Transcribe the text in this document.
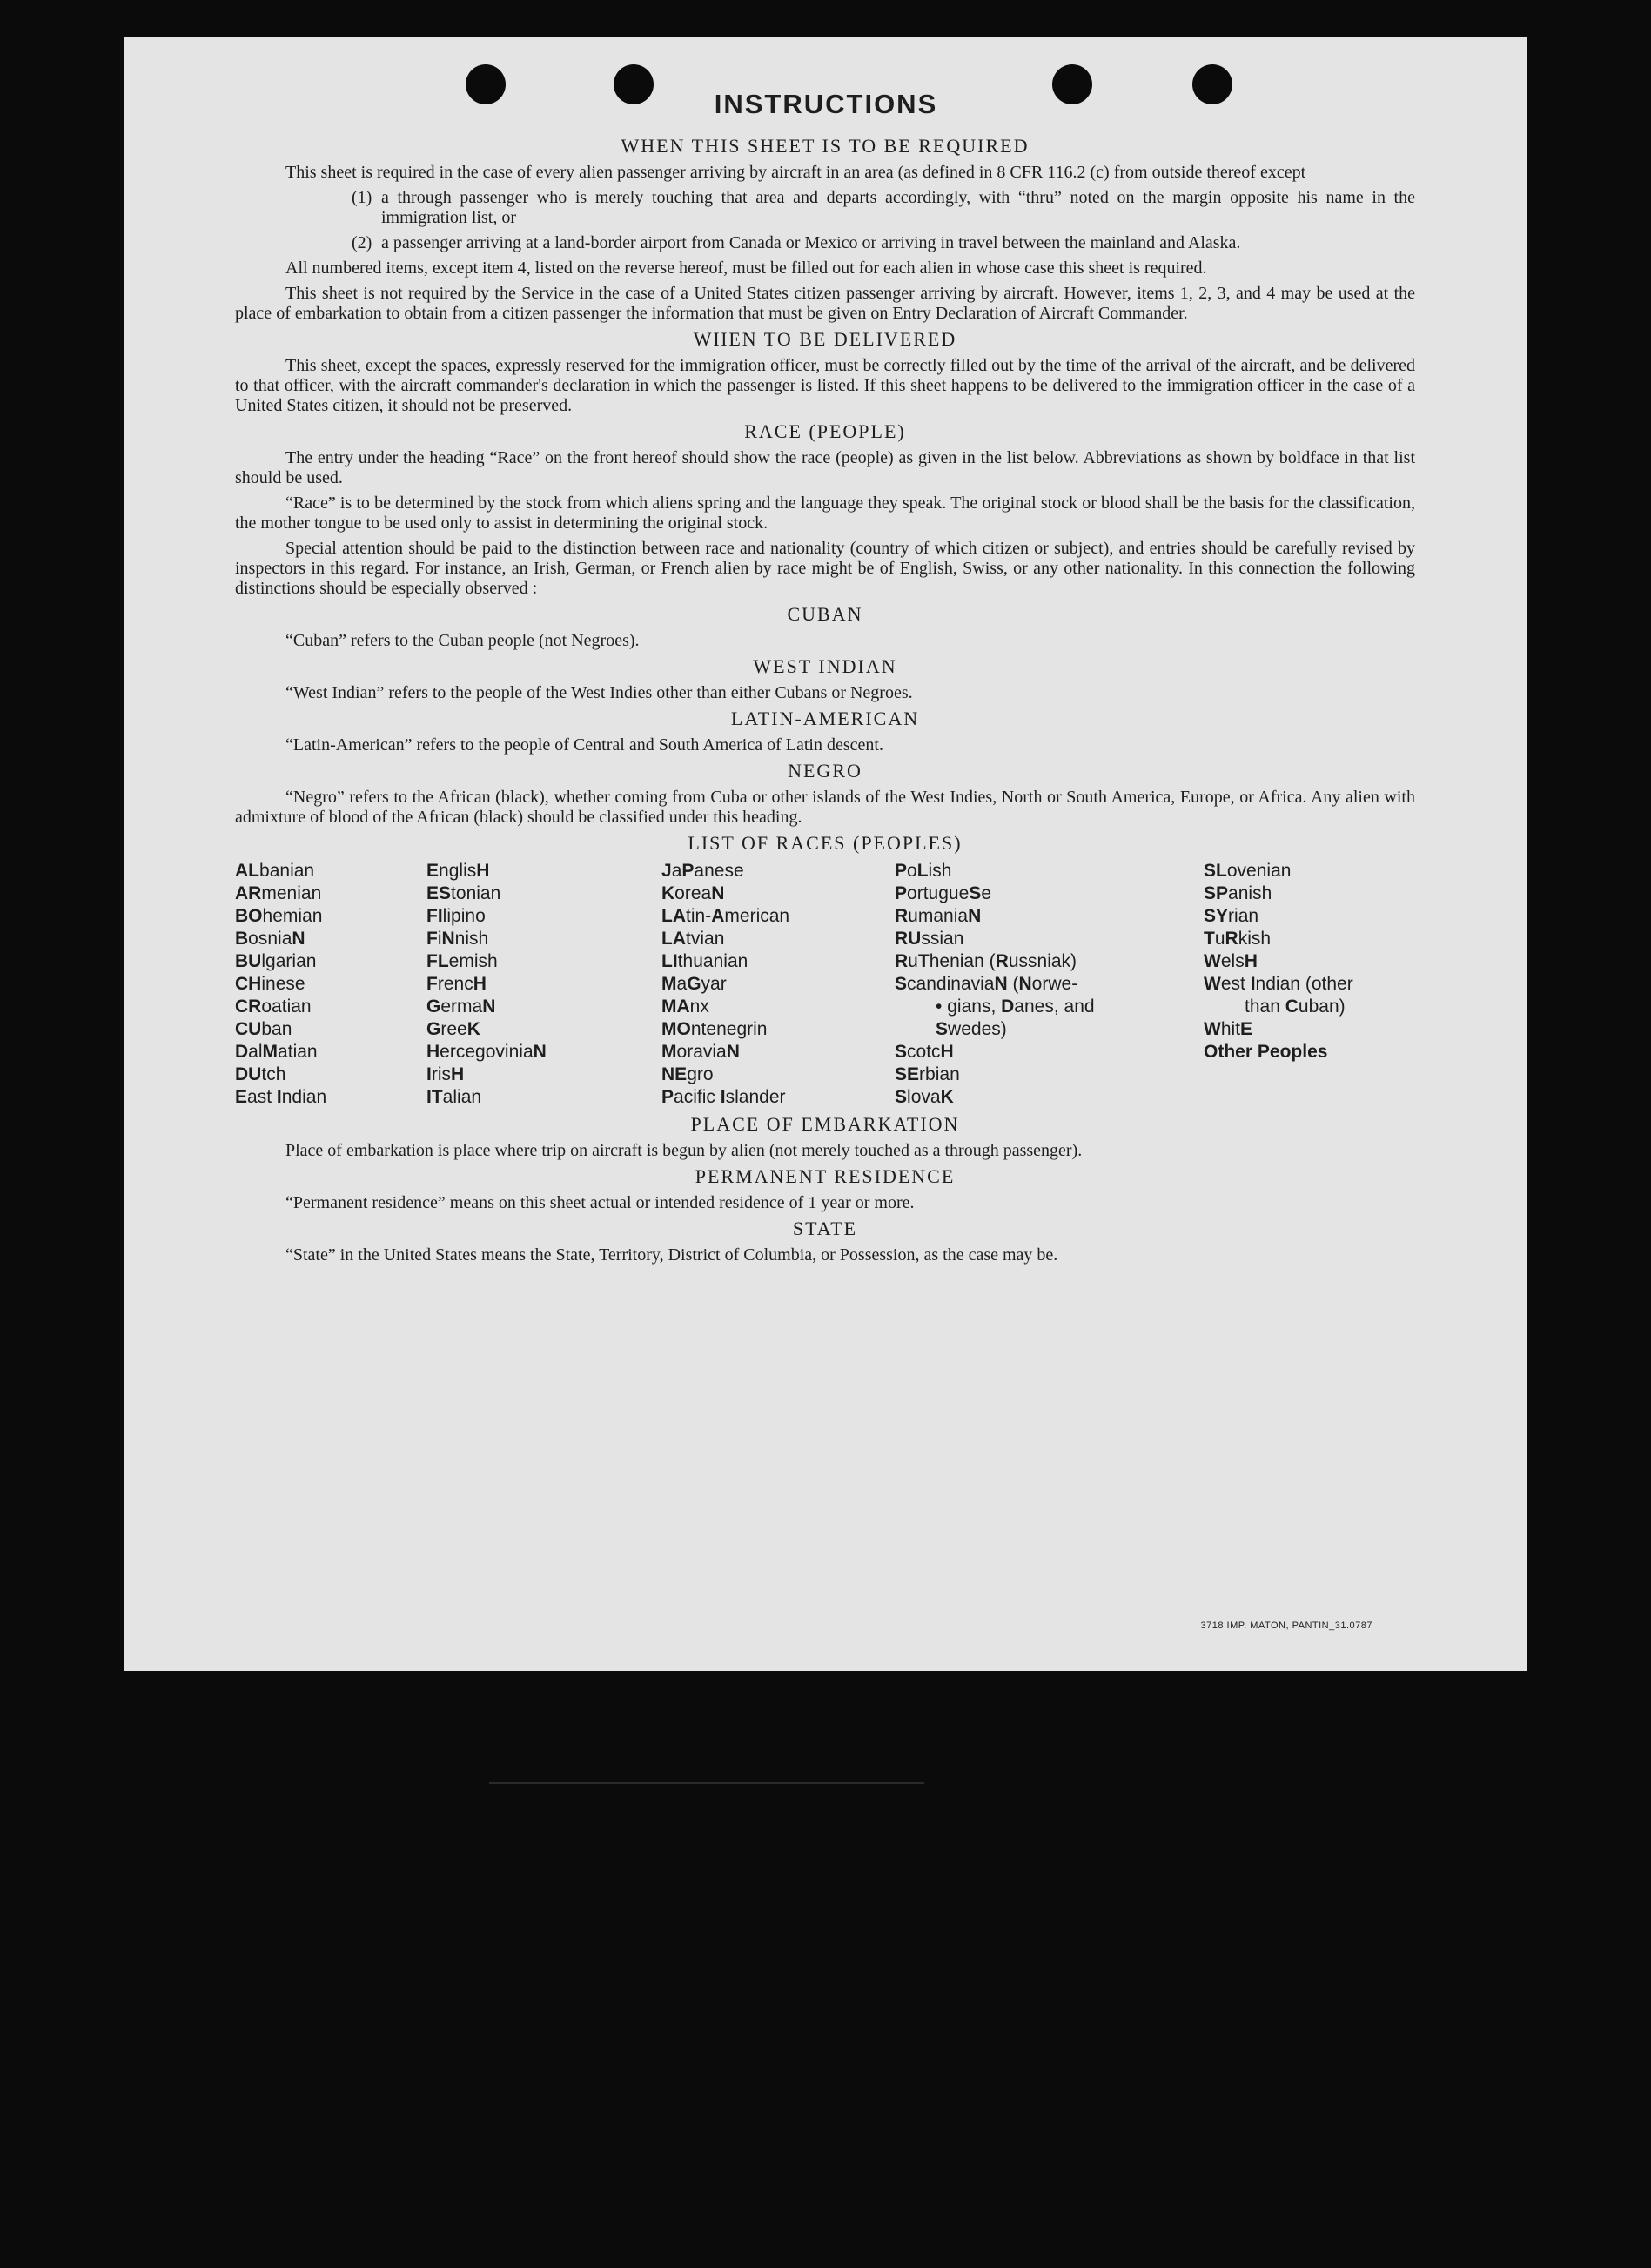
INSTRUCTIONS
WHEN THIS SHEET IS TO BE REQUIRED

This sheet is required in the case of every alien passenger arriving by aircraft in an area (as defined in 8 CFR 116.2 (c) from outside thereof except

(1) a through passenger who is merely touching that area and departs accordingly, with “thru” noted on the margin opposite his name in the immigration list, or
(2) a passenger arriving at a land-border airport from Canada or Mexico or arriving in travel between the mainland and Alaska.

All numbered items, except item 4, listed on the reverse hereof, must be filled out for each alien in whose case this sheet is required.

This sheet is not required by the Service in the case of a United States citizen passenger arriving by aircraft. However, items 1, 2, 3, and 4 may be used at the place of embarkation to obtain from a citizen passenger the information that must be given on Entry Declaration of Aircraft Commander.

WHEN TO BE DELIVERED

This sheet, except the spaces, expressly reserved for the immigration officer, must be correctly filled out by the time of the arrival of the aircraft, and be delivered to that officer, with the aircraft commander's declaration in which the passenger is listed. If this sheet happens to be delivered to the immigration officer in the case of a United States citizen, it should not be preserved.

RACE (PEOPLE)

The entry under the heading “Race” on the front hereof should show the race (people) as given in the list below. Abbreviations as shown by boldface in that list should be used.

“Race” is to be determined by the stock from which aliens spring and the language they speak. The original stock or blood shall be the basis for the classification, the mother tongue to be used only to assist in determining the original stock.

Special attention should be paid to the distinction between race and nationality (country of which citizen or subject), and entries should be carefully revised by inspectors in this regard. For instance, an Irish, German, or French alien by race might be of English, Swiss, or any other nationality. In this connection the following distinctions should be especially observed :

CUBAN

“Cuban” refers to the Cuban people (not Negroes).

WEST INDIAN

“West Indian” refers to the people of the West Indies other than either Cubans or Negroes.

LATIN-AMERICAN

“Latin-American” refers to the people of Central and South America of Latin descent.

NEGRO

“Negro” refers to the African (black), whether coming from Cuba or other islands of the West Indies, North or South America, Europe, or Africa. Any alien with admixture of blood of the African (black) should be classified under this heading.

LIST OF RACES (PEOPLES)
ALbanian
ARmenian
BOhemian
BosniaN
BUlgarian
CHinese
CRoatian
CUban
DalMatian
DUtch
East Indian
EnglisH
EStonian
FIlipino
FiNnish
FLemish
FrencH
GermaN
GreeK
HercegoviniaN
IrisH
ITalian
JaPanese
KoreaN
LAtin-American
LAtvian
LIthuanian
MaGyar
MAnx
MOntenegrin
MoraviaN
NEgro
Pacific Islander
PoLish
PortugueSe
RumaniaN
RUssian
RuThenian (Russniak)
ScandinaviaN (Norwe-
• gians, Danes, and
Swedes)
ScotcH
SErbian
SlovaK
SLovenian
SPanish
SYrian
TuRkish
WelsH
West Indian (other
than Cuban)
WhitE
Other Peoples
PLACE OF EMBARKATION

Place of embarkation is place where trip on aircraft is begun by alien (not merely touched as a through passenger).

PERMANENT RESIDENCE

“Permanent residence” means on this sheet actual or intended residence of 1 year or more.

STATE

“State” in the United States means the State, Territory, District of Columbia, or Possession, as the case may be.

3718 IMP. MATON, PANTIN_31.0787
